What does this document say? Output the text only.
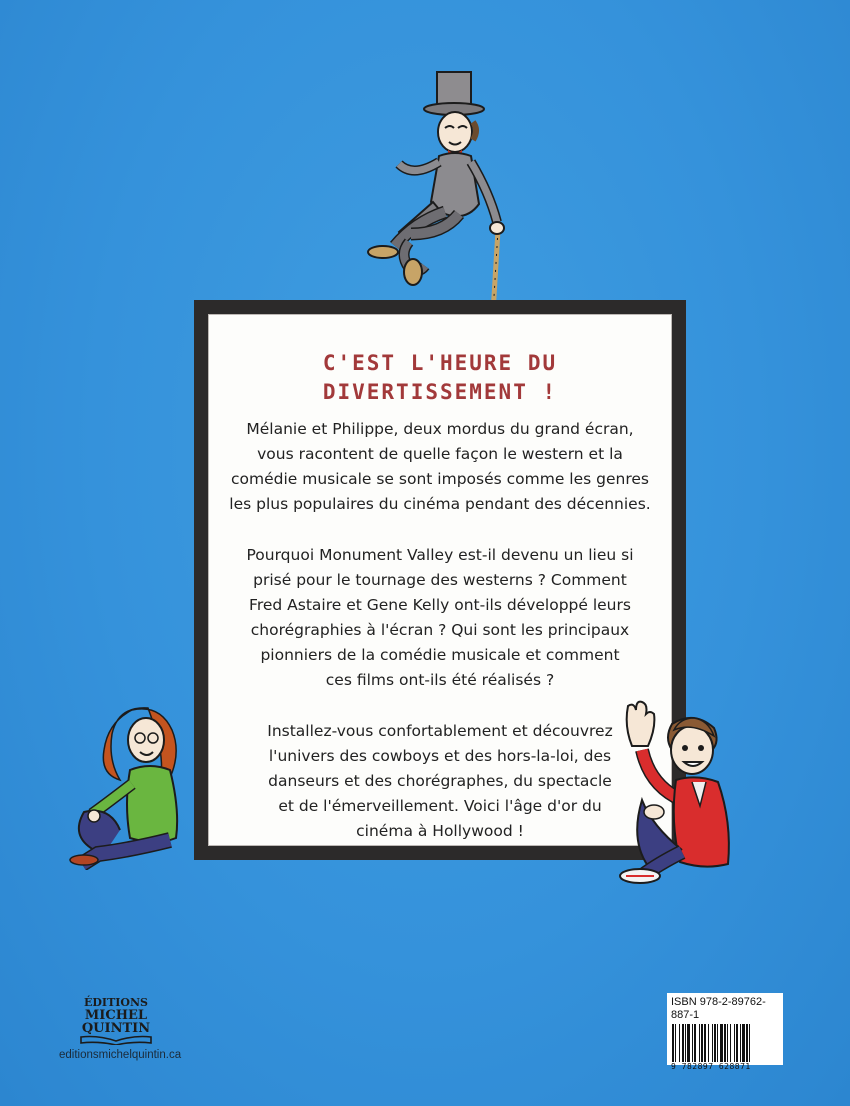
C'EST L'HEURE DU
DIVERTISSEMENT !

Mélanie et Philippe, deux mordus du grand écran,
vous racontent de quelle façon le western et la
comédie musicale se sont imposés comme les genres
les plus populaires du cinéma pendant des décennies.

Pourquoi Monument Valley est-il devenu un lieu si
prisé pour le tournage des westerns ? Comment
Fred Astaire et Gene Kelly ont-ils développé leurs
chorégraphies à l'écran ? Qui sont les principaux
pionniers de la comédie musicale et comment
ces films ont-ils été réalisés ?

Installez-vous confortablement et découvrez
l'univers des cowboys et des hors-la-loi, des
danseurs et des chorégraphes, du spectacle
et de l'émerveillement. Voici l'âge d'or du
cinéma à Hollywood !

ÉDITIONS
MICHEL
QUINTIN
editionsmichelquintin.ca
ISBN 978-2-89762-887-1
9 782897 628871
